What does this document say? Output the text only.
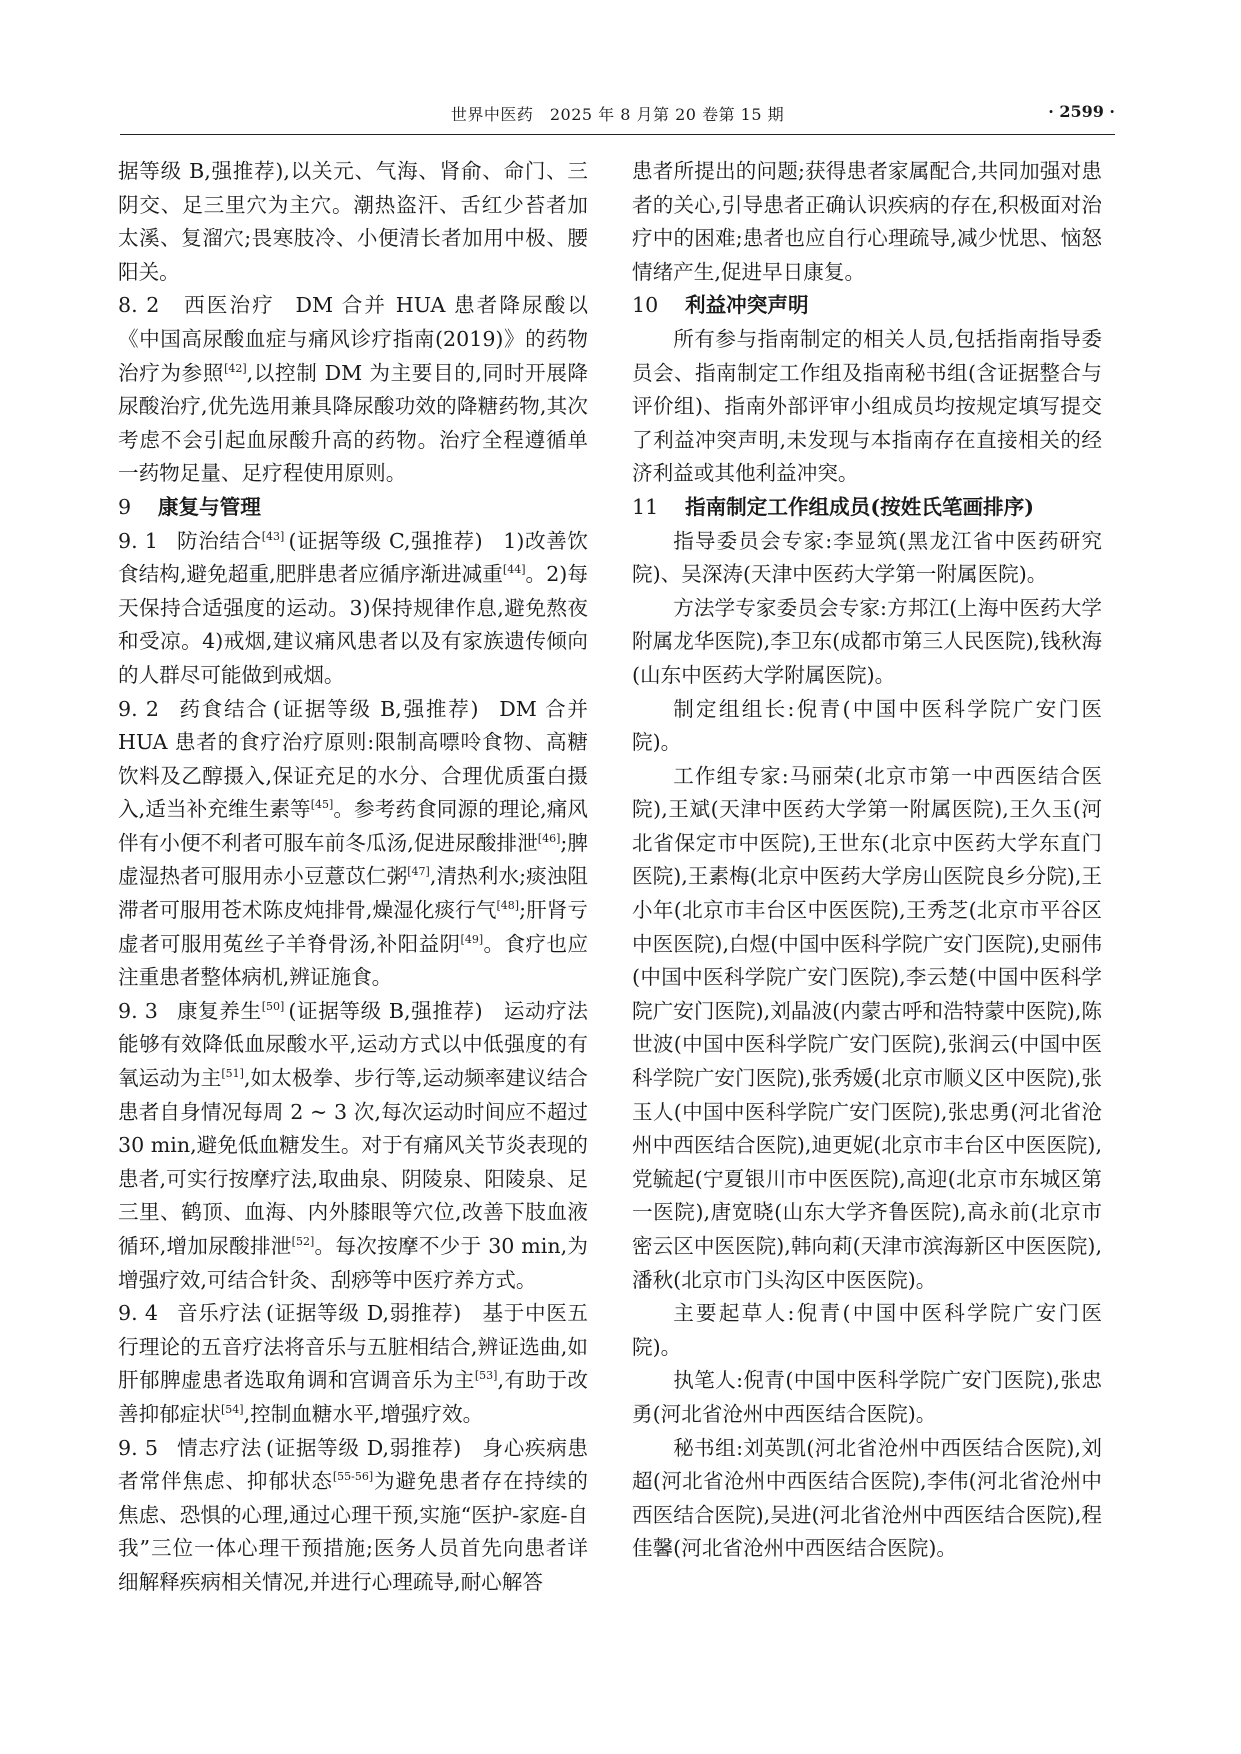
世界中医药　2025 年 8 月第 20 卷第 15 期	· 2599 ·

据等级 B,强推荐),以关元、气海、肾俞、命门、三阴交、足三里穴为主穴。潮热盗汗、舌红少苔者加太溪、复溜穴;畏寒肢冷、小便清长者加用中极、腰阳关。

8. 2 西医治疗 DM 合并 HUA 患者降尿酸以《中国高尿酸血症与痛风诊疗指南(2019)》的药物治疗为参照[42],以控制 DM 为主要目的,同时开展降尿酸治疗,优先选用兼具降尿酸功效的降糖药物,其次考虑不会引起血尿酸升高的药物。治疗全程遵循单一药物足量、足疗程使用原则。

9 康复与管理

9. 1 防治结合[43] (证据等级 C,强推荐) 1)改善饮食结构,避免超重,肥胖患者应循序渐进减重[44]。2)每天保持合适强度的运动。3)保持规律作息,避免熬夜和受凉。4)戒烟,建议痛风患者以及有家族遗传倾向的人群尽可能做到戒烟。

9. 2 药食结合 (证据等级 B,强推荐) DM 合并 HUA 患者的食疗治疗原则:限制高嘌呤食物、高糖饮料及乙醇摄入,保证充足的水分、合理优质蛋白摄入,适当补充维生素等[45]。参考药食同源的理论,痛风伴有小便不利者可服车前冬瓜汤,促进尿酸排泄[46];脾虚湿热者可服用赤小豆薏苡仁粥[47],清热利水;痰浊阻滞者可服用苍术陈皮炖排骨,燥湿化痰行气[48];肝肾亏虚者可服用菟丝子羊脊骨汤,补阳益阴[49]。食疗也应注重患者整体病机,辨证施食。

9. 3 康复养生[50] (证据等级 B,强推荐) 运动疗法能够有效降低血尿酸水平,运动方式以中低强度的有氧运动为主[51],如太极拳、步行等,运动频率建议结合患者自身情况每周 2 ~ 3 次,每次运动时间应不超过 30 min,避免低血糖发生。对于有痛风关节炎表现的患者,可实行按摩疗法,取曲泉、阴陵泉、阳陵泉、足三里、鹤顶、血海、内外膝眼等穴位,改善下肢血液循环,增加尿酸排泄[52]。每次按摩不少于 30 min,为增强疗效,可结合针灸、刮痧等中医疗养方式。

9. 4 音乐疗法 (证据等级 D,弱推荐) 基于中医五行理论的五音疗法将音乐与五脏相结合,辨证选曲,如肝郁脾虚患者选取角调和宫调音乐为主[53],有助于改善抑郁症状[54],控制血糖水平,增强疗效。

9. 5 情志疗法 (证据等级 D,弱推荐) 身心疾病患者常伴焦虑、抑郁状态[55-56]为避免患者存在持续的焦虑、恐惧的心理,通过心理干预,实施“医护-家庭-自我”三位一体心理干预措施;医务人员首先向患者详细解释疾病相关情况,并进行心理疏导,耐心解答

患者所提出的问题;获得患者家属配合,共同加强对患者的关心,引导患者正确认识疾病的存在,积极面对治疗中的困难;患者也应自行心理疏导,减少忧思、恼怒情绪产生,促进早日康复。

10 利益冲突声明

所有参与指南制定的相关人员,包括指南指导委员会、指南制定工作组及指南秘书组(含证据整合与评价组)、指南外部评审小组成员均按规定填写提交了利益冲突声明,未发现与本指南存在直接相关的经济利益或其他利益冲突。

11 指南制定工作组成员(按姓氏笔画排序)

指导委员会专家:李显筑(黑龙江省中医药研究院)、吴深涛(天津中医药大学第一附属医院)。

方法学专家委员会专家:方邦江(上海中医药大学附属龙华医院),李卫东(成都市第三人民医院),钱秋海(山东中医药大学附属医院)。

制定组组长:倪青(中国中医科学院广安门医院)。

工作组专家:马丽荣(北京市第一中西医结合医院),王斌(天津中医药大学第一附属医院),王久玉(河北省保定市中医院),王世东(北京中医药大学东直门医院),王素梅(北京中医药大学房山医院良乡分院),王小年(北京市丰台区中医医院),王秀芝(北京市平谷区中医医院),白煜(中国中医科学院广安门医院),史丽伟(中国中医科学院广安门医院),李云楚(中国中医科学院广安门医院),刘晶波(内蒙古呼和浩特蒙中医院),陈世波(中国中医科学院广安门医院),张润云(中国中医科学院广安门医院),张秀媛(北京市顺义区中医院),张玉人(中国中医科学院广安门医院),张忠勇(河北省沧州中西医结合医院),迪更妮(北京市丰台区中医医院),党毓起(宁夏银川市中医医院),高迎(北京市东城区第一医院),唐宽晓(山东大学齐鲁医院),高永前(北京市密云区中医医院),韩向莉(天津市滨海新区中医医院),潘秋(北京市门头沟区中医医院)。

主要起草人:倪青(中国中医科学院广安门医院)。

执笔人:倪青(中国中医科学院广安门医院),张忠勇(河北省沧州中西医结合医院)。

秘书组:刘英凯(河北省沧州中西医结合医院),刘超(河北省沧州中西医结合医院),李伟(河北省沧州中西医结合医院),吴进(河北省沧州中西医结合医院),程佳馨(河北省沧州中西医结合医院)。
